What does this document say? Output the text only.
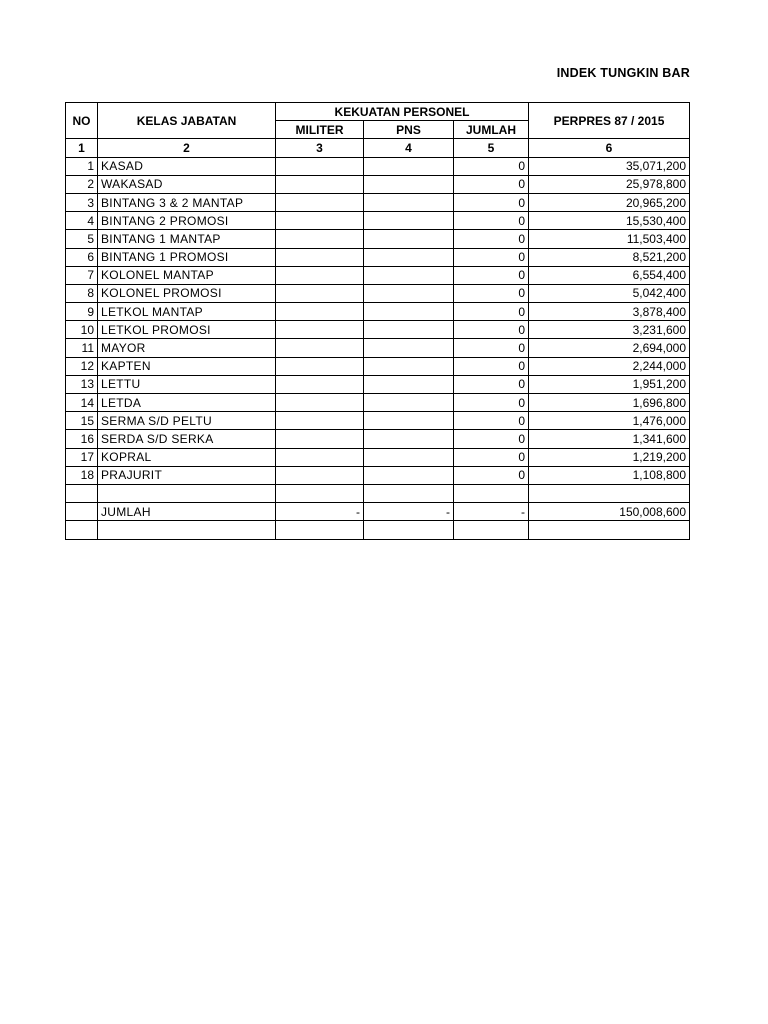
INDEK TUNGKIN BAR
NO	KELAS JABATAN	KEKUATAN PERSONEL			PERPRES 87 / 2015
		MILITER	PNS	JUMLAH	
1	2	3	4	5	6
1	KASAD			0	35,071,200
2	WAKASAD			0	25,978,800
3	BINTANG 3 & 2 MANTAP			0	20,965,200
4	BINTANG 2 PROMOSI			0	15,530,400
5	BINTANG 1 MANTAP			0	11,503,400
6	BINTANG 1 PROMOSI			0	8,521,200
7	KOLONEL MANTAP			0	6,554,400
8	KOLONEL PROMOSI			0	5,042,400
9	LETKOL MANTAP			0	3,878,400
10	LETKOL PROMOSI			0	3,231,600
11	MAYOR			0	2,694,000
12	KAPTEN			0	2,244,000
13	LETTU			0	1,951,200
14	LETDA			0	1,696,800
15	SERMA S/D PELTU			0	1,476,000
16	SERDA S/D SERKA			0	1,341,600
17	KOPRAL			0	1,219,200
18	PRAJURIT			0	1,108,800

	JUMLAH	-	-	-	150,008,600
